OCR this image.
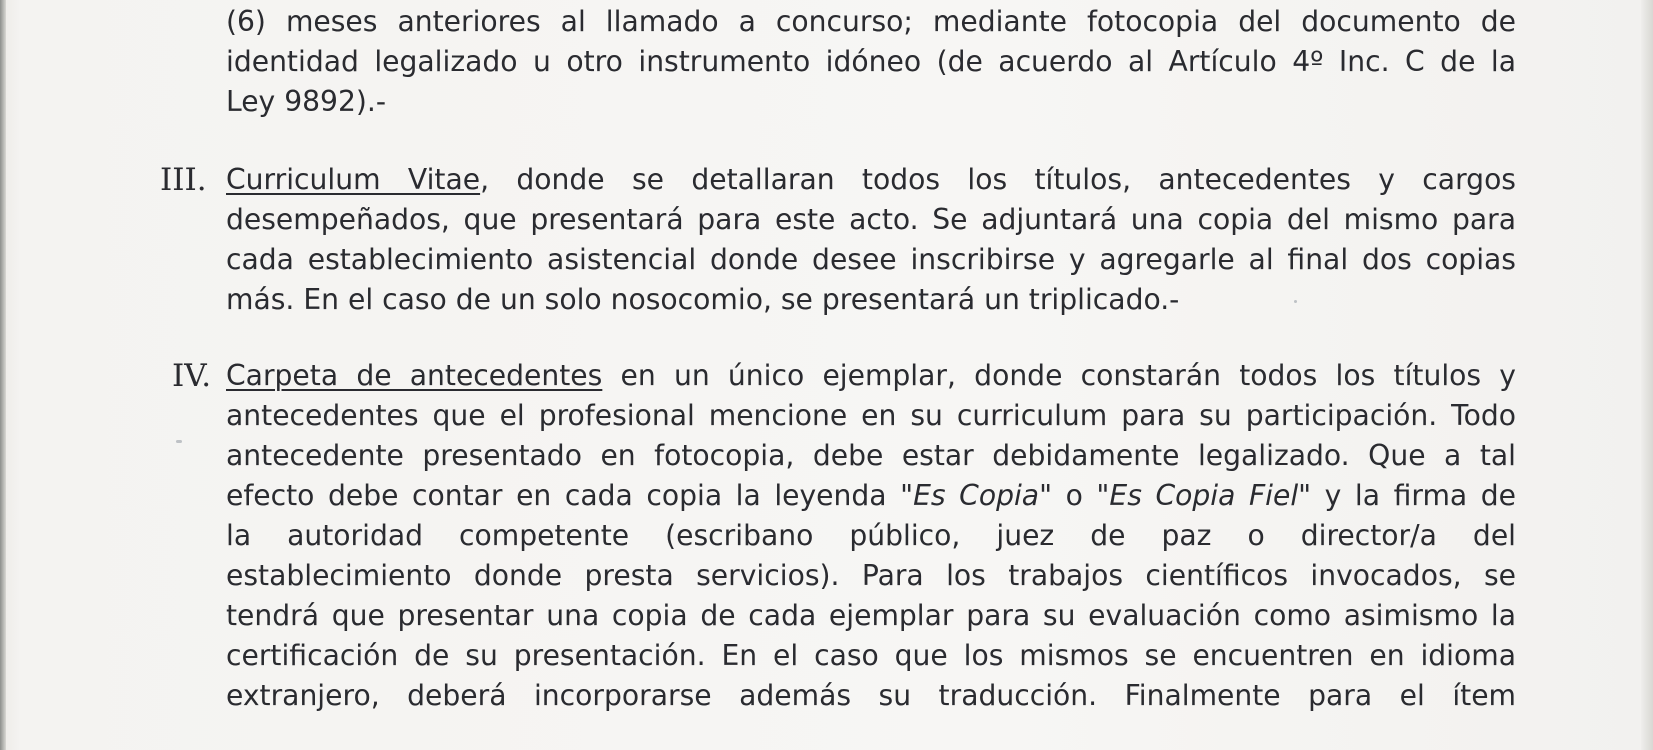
(6) meses anteriores al llamado a concurso; mediante fotocopia del documento de
identidad legalizado u otro instrumento idóneo (de acuerdo al Artículo 4º Inc. C de la
Ley 9892).-
III. Curriculum Vitae, donde se detallaran todos los títulos, antecedentes y cargos
desempeñados, que presentará para este acto. Se adjuntará una copia del mismo para
cada establecimiento asistencial donde desee inscribirse y agregarle al final dos copias
más. En el caso de un solo nosocomio, se presentará un triplicado.-
IV. Carpeta de antecedentes en un único ejemplar, donde constarán todos los títulos y
antecedentes que el profesional mencione en su curriculum para su participación. Todo
antecedente presentado en fotocopia, debe estar debidamente legalizado. Que a tal
efecto debe contar en cada copia la leyenda "Es Copia" o "Es Copia Fiel" y la firma de
la autoridad competente (escribano público, juez de paz o director/a del
establecimiento donde presta servicios). Para los trabajos científicos invocados, se
tendrá que presentar una copia de cada ejemplar para su evaluación como asimismo la
certificación de su presentación. En el caso que los mismos se encuentren en idioma
extranjero, deberá incorporarse además su traducción. Finalmente para el ítem
